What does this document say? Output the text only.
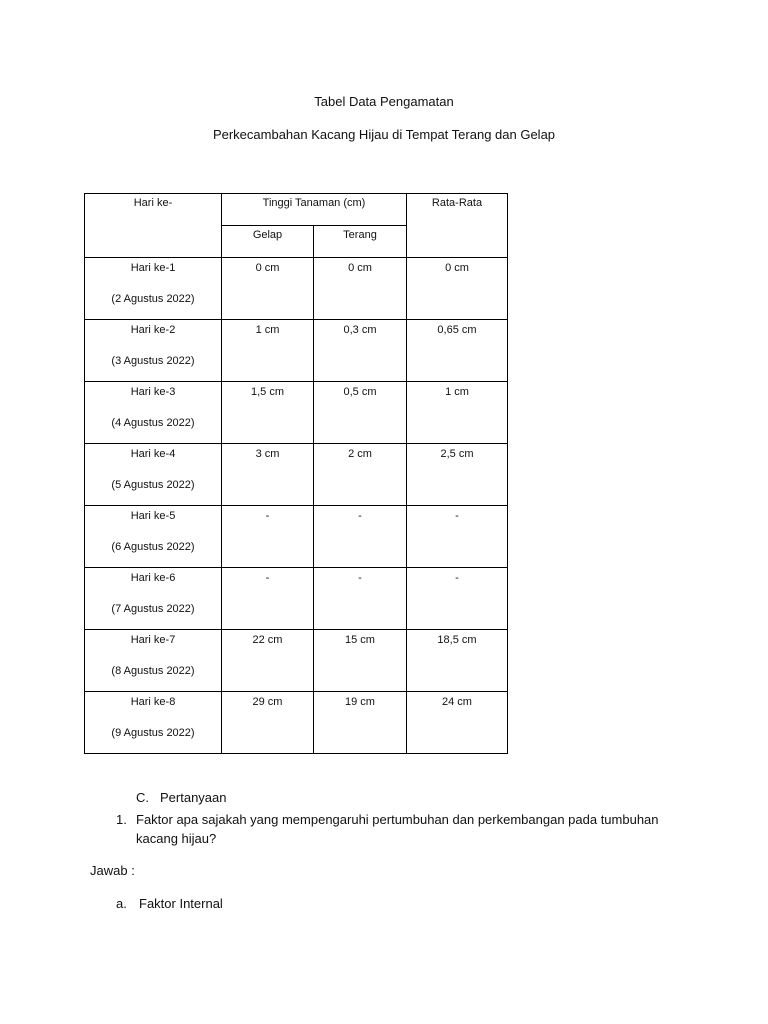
Tabel Data Pengamatan
Perkecambahan Kacang Hijau di Tempat Terang dan Gelap
Hari ke-	Tinggi Tanaman (cm)		Rata-Rata
	Gelap	Terang	

Hari ke-1
(2 Agustus 2022)	0 cm	0 cm	0 cm

Hari ke-2
(3 Agustus 2022)	1 cm	0,3 cm	0,65 cm

Hari ke-3
(4 Agustus 2022)	1,5 cm	0,5 cm	1 cm

Hari ke-4
(5 Agustus 2022)	3 cm	2 cm	2,5 cm

Hari ke-5
(6 Agustus 2022)	-	-	-

Hari ke-6
(7 Agustus 2022)	-	-	-

Hari ke-7
(8 Agustus 2022)	22 cm	15 cm	18,5 cm

Hari ke-8
(9 Agustus 2022)	29 cm	19 cm	24 cm
C. Pertanyaan
1. Faktor apa sajakah yang mempengaruhi pertumbuhan dan perkembangan pada tumbuhan kacang hijau?
Jawab :
a. Faktor Internal
